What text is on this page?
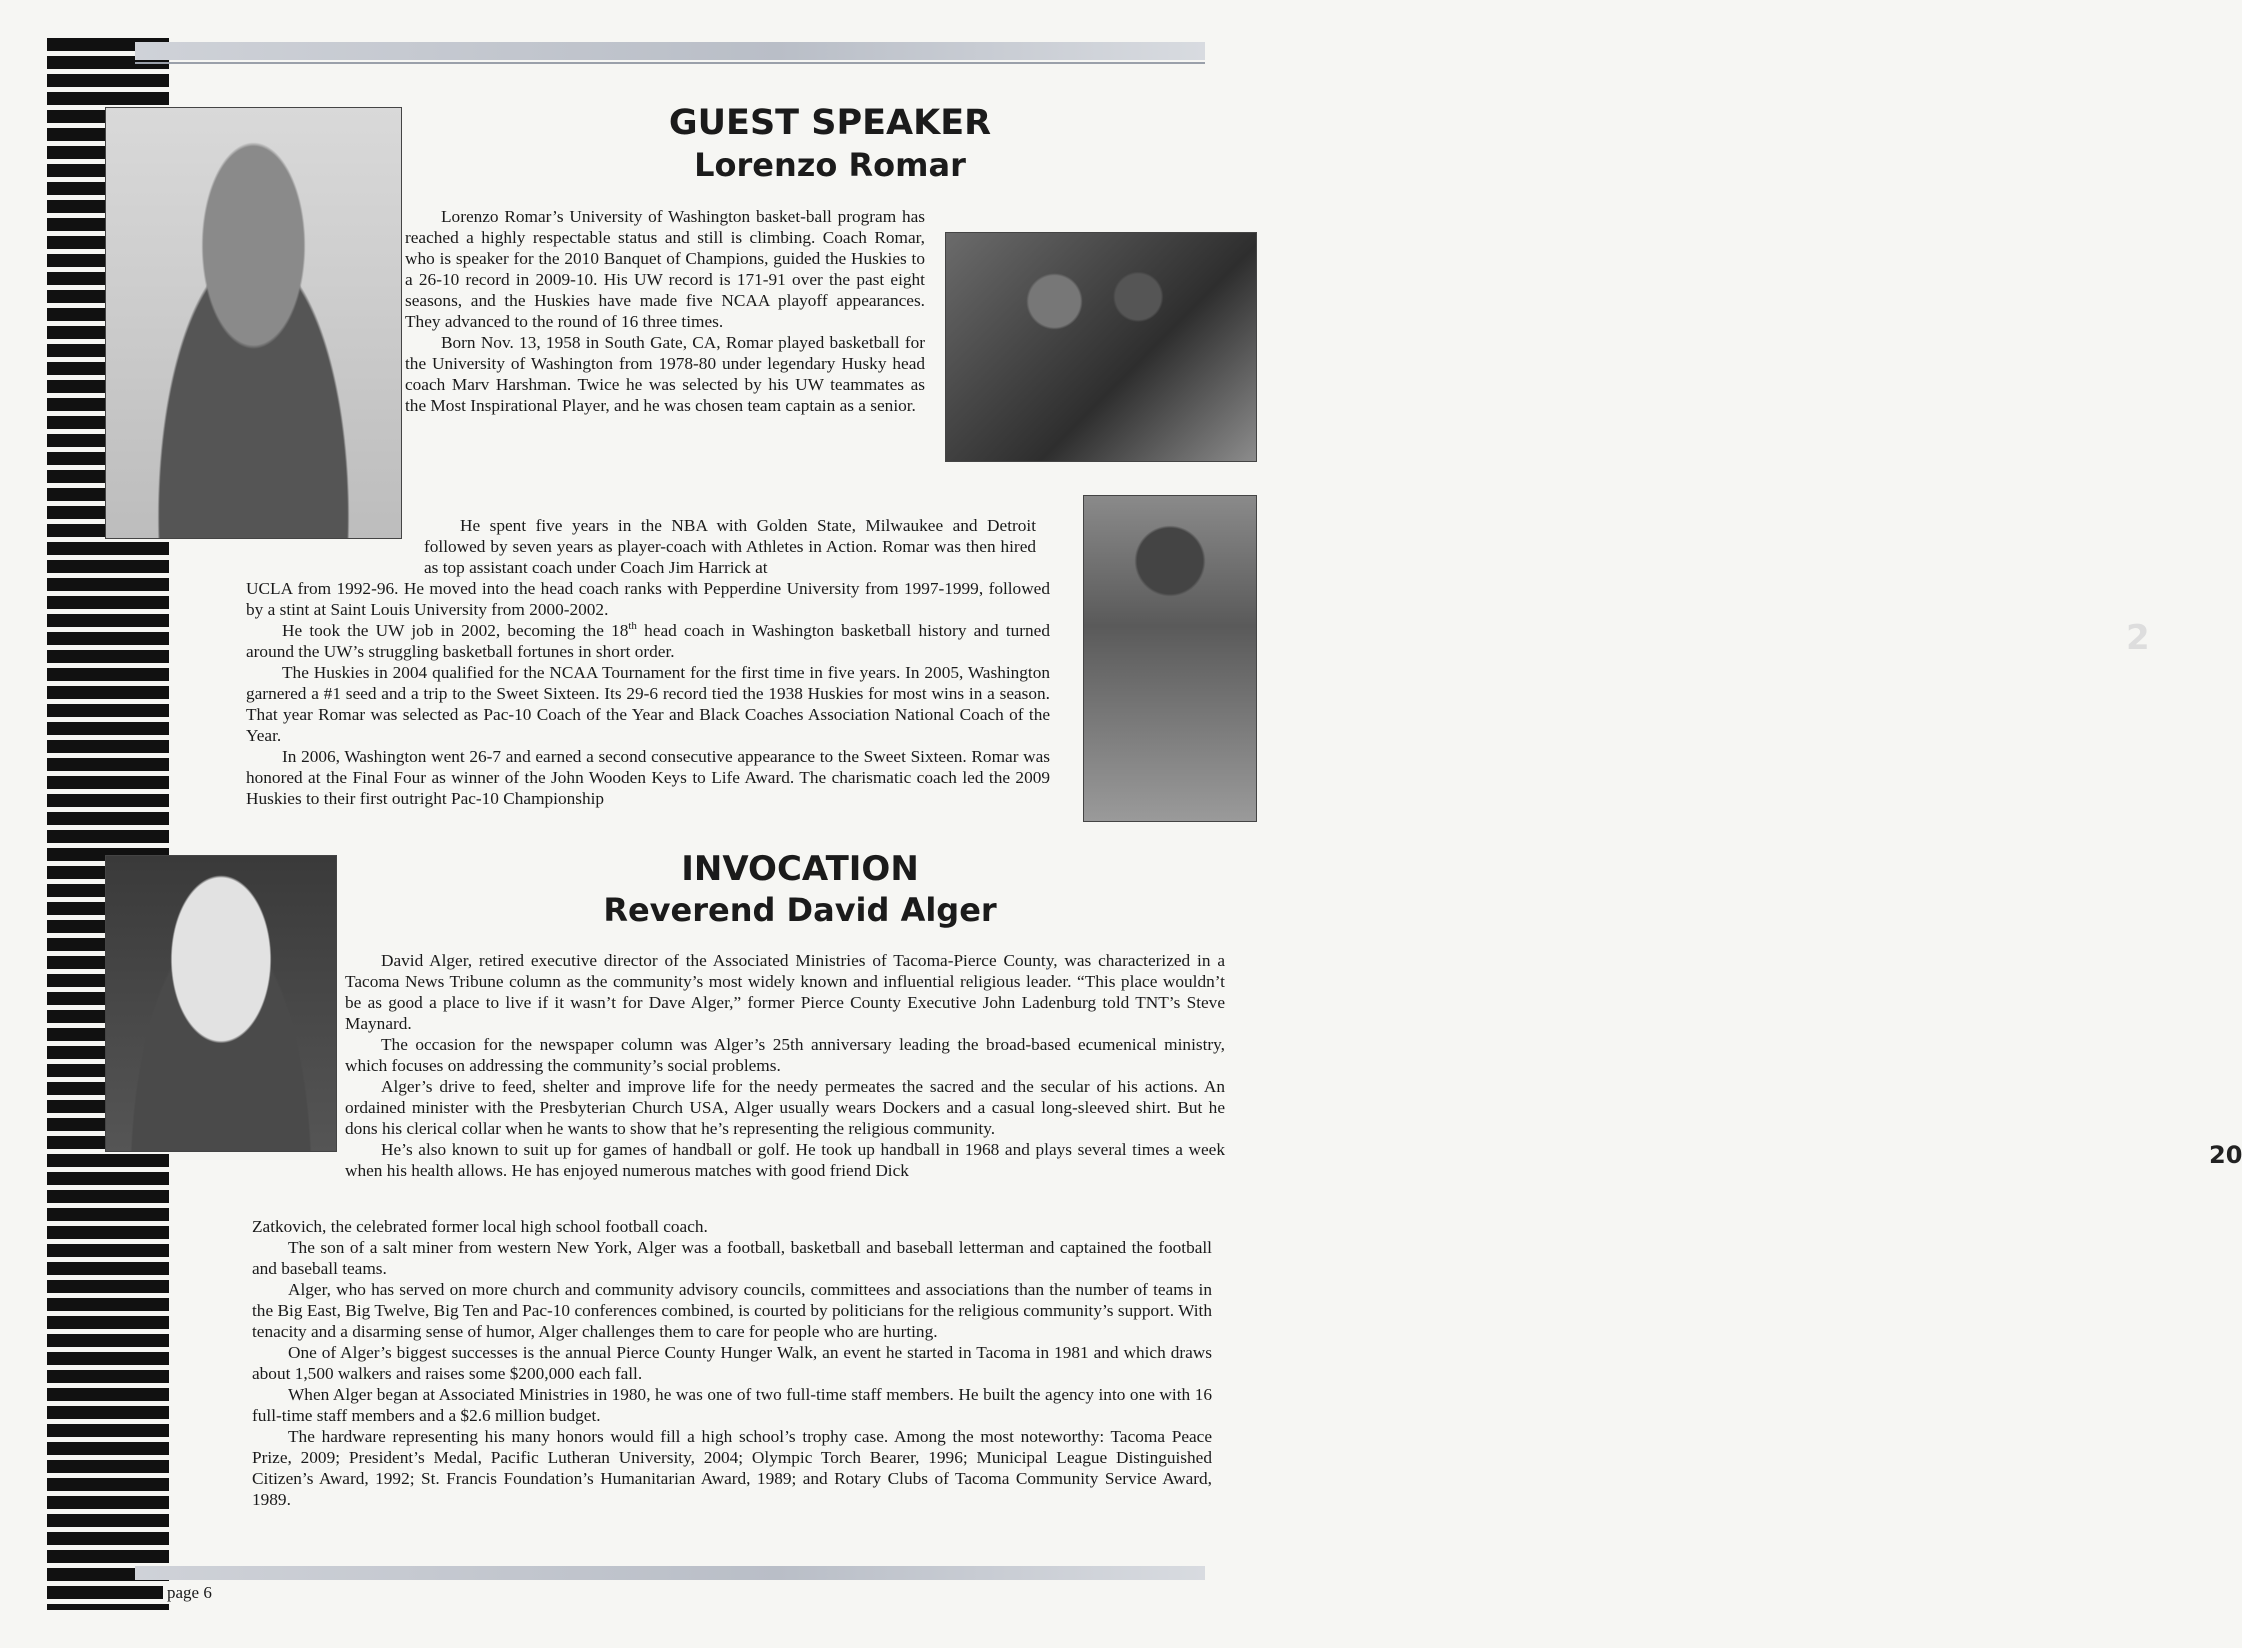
page 6
2
20
GUEST SPEAKER
Lorenzo Romar

Lorenzo Romar’s University of Washington basket-ball program has reached a highly respectable status and still is climbing. Coach Romar, who is speaker for the 2010 Banquet of Champions, guided the Huskies to a 26-10 record in 2009-10. His UW record is 171-91 over the past eight seasons, and the Huskies have made five NCAA playoff appearances. They advanced to the round of 16 three times.

Born Nov. 13, 1958 in South Gate, CA, Romar played basketball for the University of Washington from 1978-80 under legendary Husky head coach Marv Harshman. Twice he was selected by his UW teammates as the Most Inspirational Player, and he was chosen team captain as a senior.

He spent five years in the NBA with Golden State, Milwaukee and Detroit followed by seven years as player-coach with Athletes in Action. Romar was then hired as top assistant coach under Coach Jim Harrick at

UCLA from 1992-96. He moved into the head coach ranks with Pepperdine University from 1997-1999, followed by a stint at Saint Louis University from 2000-2002.

He took the UW job in 2002, becoming the 18th head coach in Washington basketball history and turned around the UW’s struggling basketball fortunes in short order.

The Huskies in 2004 qualified for the NCAA Tournament for the first time in five years. In 2005, Washington garnered a #1 seed and a trip to the Sweet Sixteen. Its 29-6 record tied the 1938 Huskies for most wins in a season. That year Romar was selected as Pac-10 Coach of the Year and Black Coaches Association National Coach of the Year.

In 2006, Washington went 26-7 and earned a second consecutive appearance to the Sweet Sixteen. Romar was honored at the Final Four as winner of the John Wooden Keys to Life Award. The charismatic coach led the 2009 Huskies to their first outright Pac-10 Championship

INVOCATION
Reverend David Alger

David Alger, retired executive director of the Associated Ministries of Tacoma-Pierce County, was characterized in a Tacoma News Tribune column as the community’s most widely known and influential religious leader. “This place wouldn’t be as good a place to live if it wasn’t for Dave Alger,” former Pierce County Executive John Ladenburg told TNT’s Steve Maynard.

The occasion for the newspaper column was Alger’s 25th anniversary leading the broad-based ecumenical ministry, which focuses on addressing the community’s social problems.

Alger’s drive to feed, shelter and improve life for the needy permeates the sacred and the secular of his actions. An ordained minister with the Presbyterian Church USA, Alger usually wears Dockers and a casual long-sleeved shirt. But he dons his clerical collar when he wants to show that he’s representing the religious community.

He’s also known to suit up for games of handball or golf. He took up handball in 1968 and plays several times a week when his health allows. He has enjoyed numerous matches with good friend Dick

Zatkovich, the celebrated former local high school football coach.

The son of a salt miner from western New York, Alger was a football, basketball and baseball letterman and captained the football and baseball teams.

Alger, who has served on more church and community advisory councils, committees and associations than the number of teams in the Big East, Big Twelve, Big Ten and Pac-10 conferences combined, is courted by politicians for the religious community’s support. With tenacity and a disarming sense of humor, Alger challenges them to care for people who are hurting.

One of Alger’s biggest successes is the annual Pierce County Hunger Walk, an event he started in Tacoma in 1981 and which draws about 1,500 walkers and raises some $200,000 each fall.

When Alger began at Associated Ministries in 1980, he was one of two full-time staff members. He built the agency into one with 16 full-time staff members and a $2.6 million budget.

The hardware representing his many honors would fill a high school’s trophy case. Among the most noteworthy: Tacoma Peace Prize, 2009; President’s Medal, Pacific Lutheran University, 2004; Olympic Torch Bearer, 1996; Municipal League Distinguished Citizen’s Award, 1992; St. Francis Foundation’s Humanitarian Award, 1989; and Rotary Clubs of Tacoma Community Service Award, 1989.
